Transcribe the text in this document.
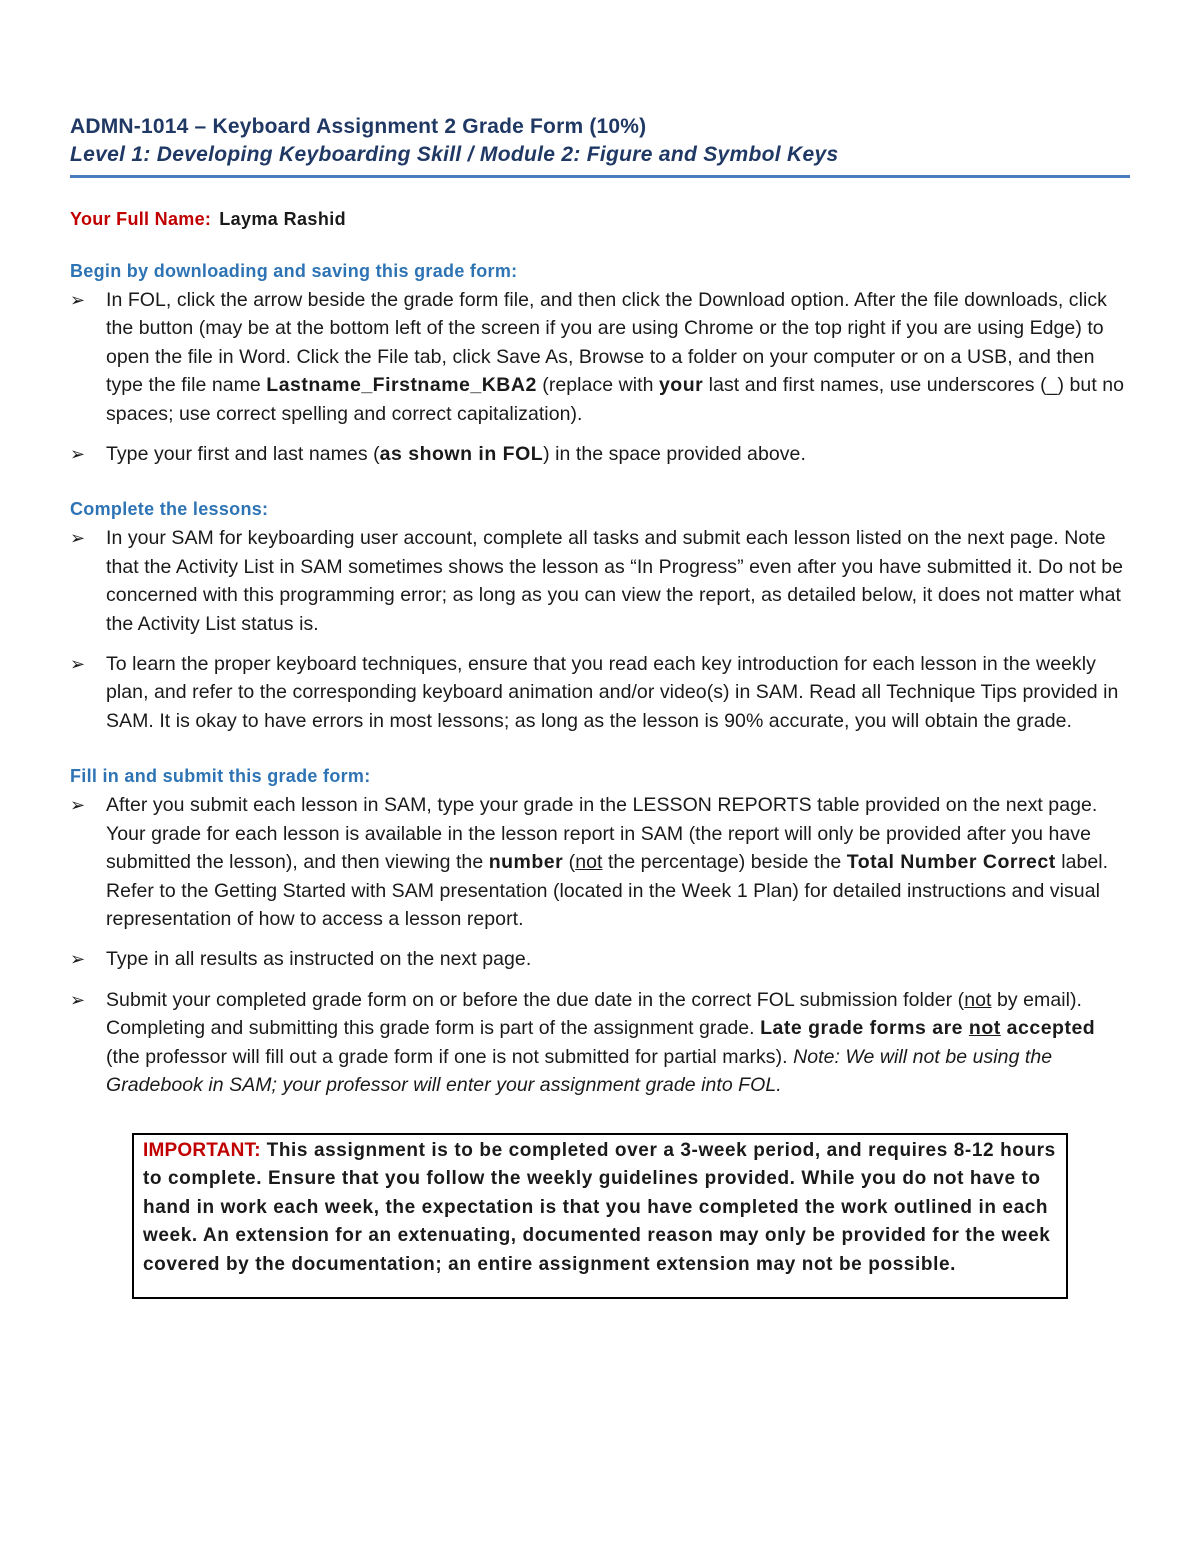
ADMN-1014 – Keyboard Assignment 2 Grade Form (10%)
Level 1: Developing Keyboarding Skill / Module 2: Figure and Symbol Keys
Your Full Name: Layma Rashid
Begin by downloading and saving this grade form:
➢ In FOL, click the arrow beside the grade form file, and then click the Download option. After the file downloads, click the button (may be at the bottom left of the screen if you are using Chrome or the top right if you are using Edge) to open the file in Word. Click the File tab, click Save As, Browse to a folder on your computer or on a USB, and then type the file name Lastname_Firstname_KBA2 (replace with your last and first names, use underscores (_) but no spaces; use correct spelling and correct capitalization).
➢ Type your first and last names (as shown in FOL) in the space provided above.
Complete the lessons:
➢ In your SAM for keyboarding user account, complete all tasks and submit each lesson listed on the next page. Note that the Activity List in SAM sometimes shows the lesson as “In Progress” even after you have submitted it. Do not be concerned with this programming error; as long as you can view the report, as detailed below, it does not matter what the Activity List status is.
➢ To learn the proper keyboard techniques, ensure that you read each key introduction for each lesson in the weekly plan, and refer to the corresponding keyboard animation and/or video(s) in SAM. Read all Technique Tips provided in SAM. It is okay to have errors in most lessons; as long as the lesson is 90% accurate, you will obtain the grade.
Fill in and submit this grade form:
➢ After you submit each lesson in SAM, type your grade in the LESSON REPORTS table provided on the next page. Your grade for each lesson is available in the lesson report in SAM (the report will only be provided after you have submitted the lesson), and then viewing the number (not the percentage) beside the Total Number Correct label. Refer to the Getting Started with SAM presentation (located in the Week 1 Plan) for detailed instructions and visual representation of how to access a lesson report.
➢ Type in all results as instructed on the next page.
➢ Submit your completed grade form on or before the due date in the correct FOL submission folder (not by email). Completing and submitting this grade form is part of the assignment grade. Late grade forms are not accepted (the professor will fill out a grade form if one is not submitted for partial marks). Note: We will not be using the Gradebook in SAM; your professor will enter your assignment grade into FOL.
IMPORTANT: This assignment is to be completed over a 3-week period, and requires 8-12 hours to complete. Ensure that you follow the weekly guidelines provided. While you do not have to hand in work each week, the expectation is that you have completed the work outlined in each week. An extension for an extenuating, documented reason may only be provided for the week covered by the documentation; an entire assignment extension may not be possible.
